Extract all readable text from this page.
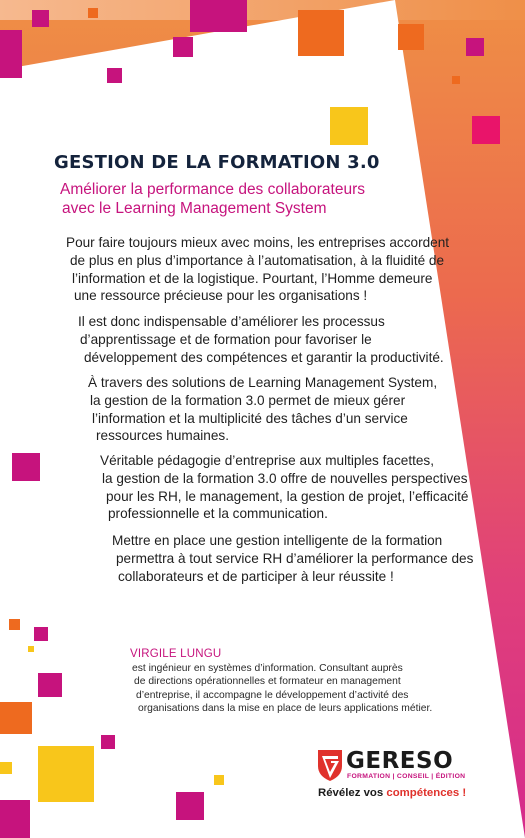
GESTION DE LA FORMATION 3.0
Améliorer la performance des collaborateurs
avec le Learning Management System
Pour faire toujours mieux avec moins, les entreprises accordent
de plus en plus d’importance à l’automatisation, à la fluidité de
l’information et de la logistique. Pourtant, l’Homme demeure
une ressource précieuse pour les organisations !
Il est donc indispensable d’améliorer les processus
d’apprentissage et de formation pour favoriser le
développement des compétences et garantir la productivité.
À travers des solutions de Learning Management System,
la gestion de la formation 3.0 permet de mieux gérer
l’information et la multiplicité des tâches d’un service
ressources humaines.
Véritable pédagogie d’entreprise aux multiples facettes,
la gestion de la formation 3.0 offre de nouvelles perspectives
pour les RH, le management, la gestion de projet, l’efficacité
professionnelle et la communication.
Mettre en place une gestion intelligente de la formation
permettra à tout service RH d’améliorer la performance des
collaborateurs et de participer à leur réussite !
VIRGILE LUNGU
est ingénieur en systèmes d’information. Consultant auprès
de directions opérationnelles et formateur en management
d’entreprise, il accompagne le développement d’activité des
organisations dans la mise en place de leurs applications métier.
GERESO
FORMATION | CONSEIL | ÉDITION
Révélez vos compétences !
